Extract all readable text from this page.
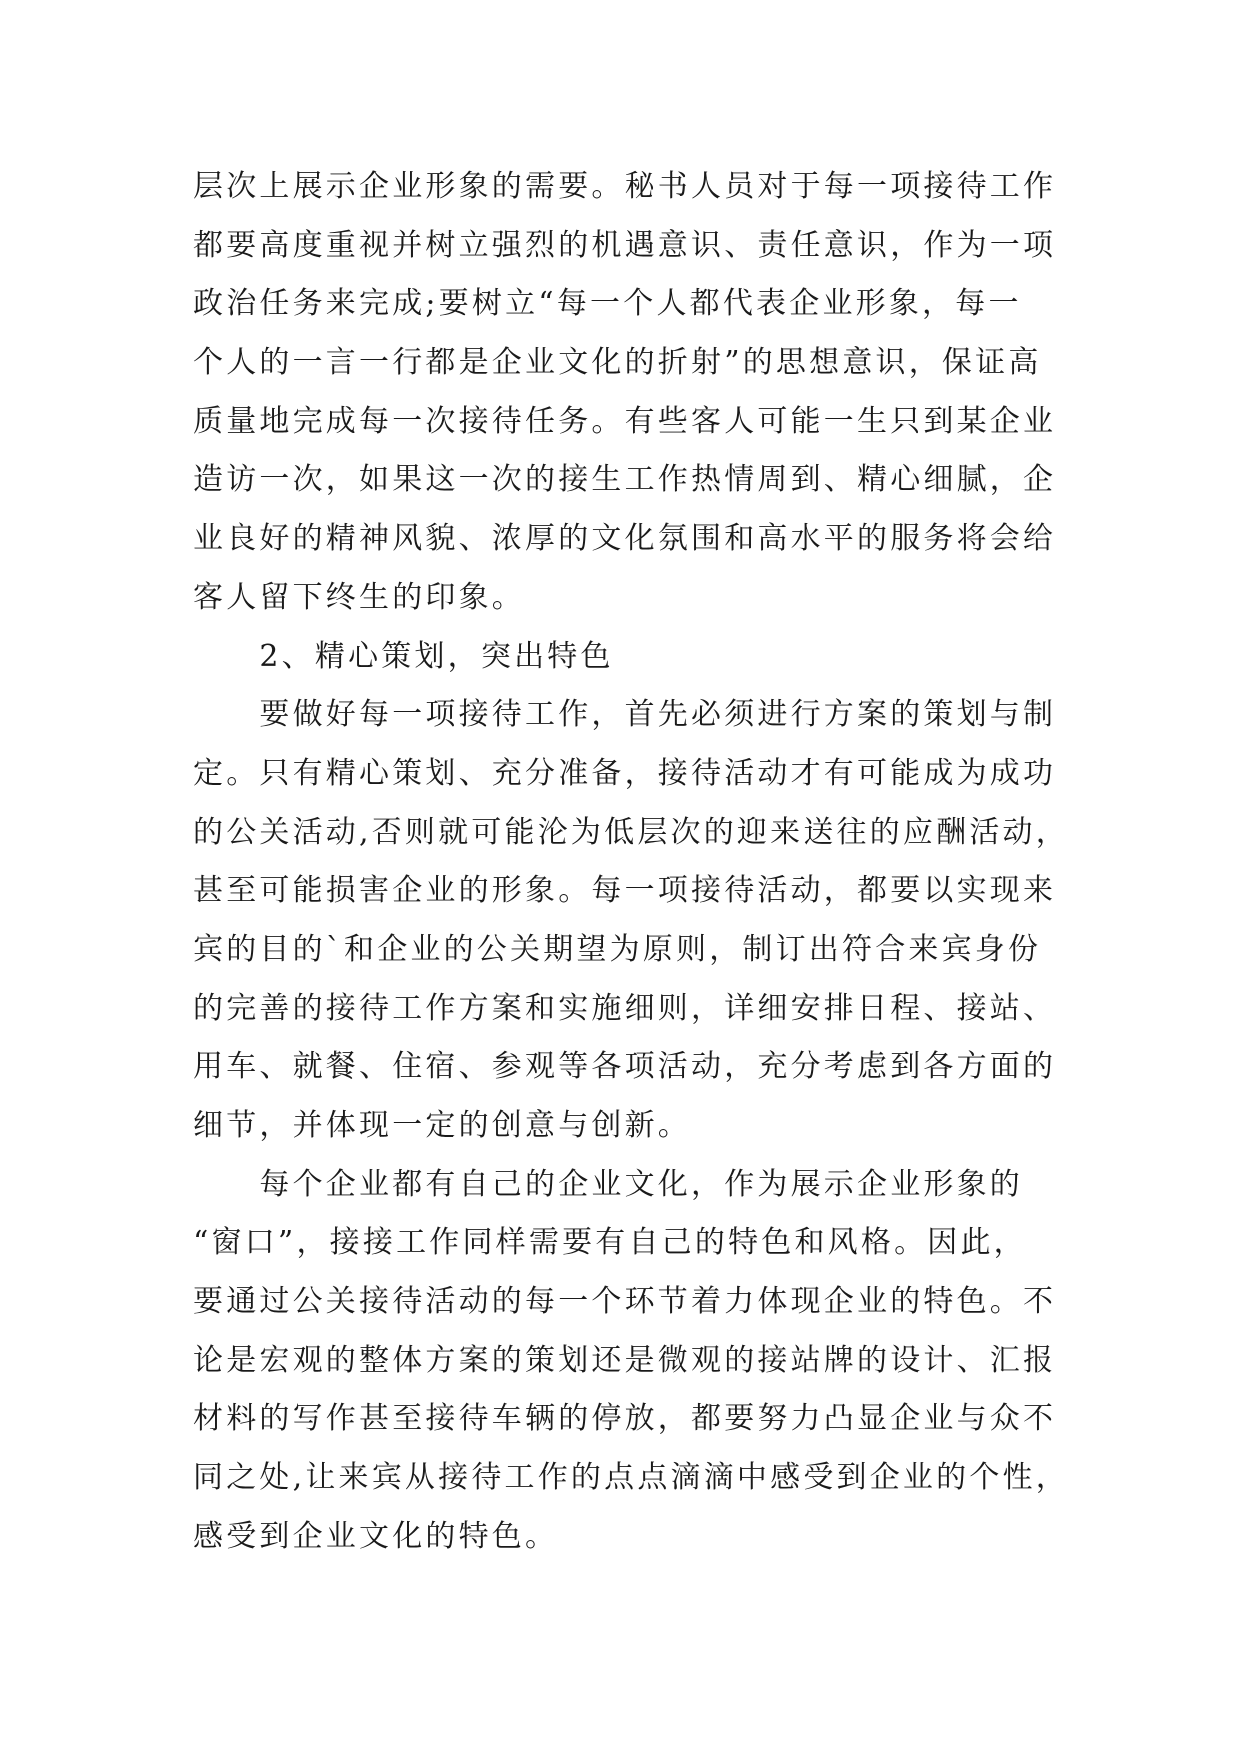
层次上展示企业形象的需要。秘书人员对于每一项接待工作
都要高度重视并树立强烈的机遇意识、责任意识，作为一项
政治任务来完成;要树立“每一个人都代表企业形象，每一
个人的一言一行都是企业文化的折射”的思想意识，保证高
质量地完成每一次接待任务。有些客人可能一生只到某企业
造访一次，如果这一次的接生工作热情周到、精心细腻，企
业良好的精神风貌、浓厚的文化氛围和高水平的服务将会给
客人留下终生的印象。
　　2、精心策划，突出特色
　　要做好每一项接待工作，首先必须进行方案的策划与制
定。只有精心策划、充分准备，接待活动才有可能成为成功
的公关活动,否则就可能沦为低层次的迎来送往的应酬活动，
甚至可能损害企业的形象。每一项接待活动，都要以实现来
宾的目的`和企业的公关期望为原则，制订出符合来宾身份
的完善的接待工作方案和实施细则，详细安排日程、接站、
用车、就餐、住宿、参观等各项活动，充分考虑到各方面的
细节，并体现一定的创意与创新。
　　每个企业都有自己的企业文化，作为展示企业形象的
“窗口”，接接工作同样需要有自己的特色和风格。因此，
要通过公关接待活动的每一个环节着力体现企业的特色。不
论是宏观的整体方案的策划还是微观的接站牌的设计、汇报
材料的写作甚至接待车辆的停放，都要努力凸显企业与众不
同之处,让来宾从接待工作的点点滴滴中感受到企业的个性，
感受到企业文化的特色。
